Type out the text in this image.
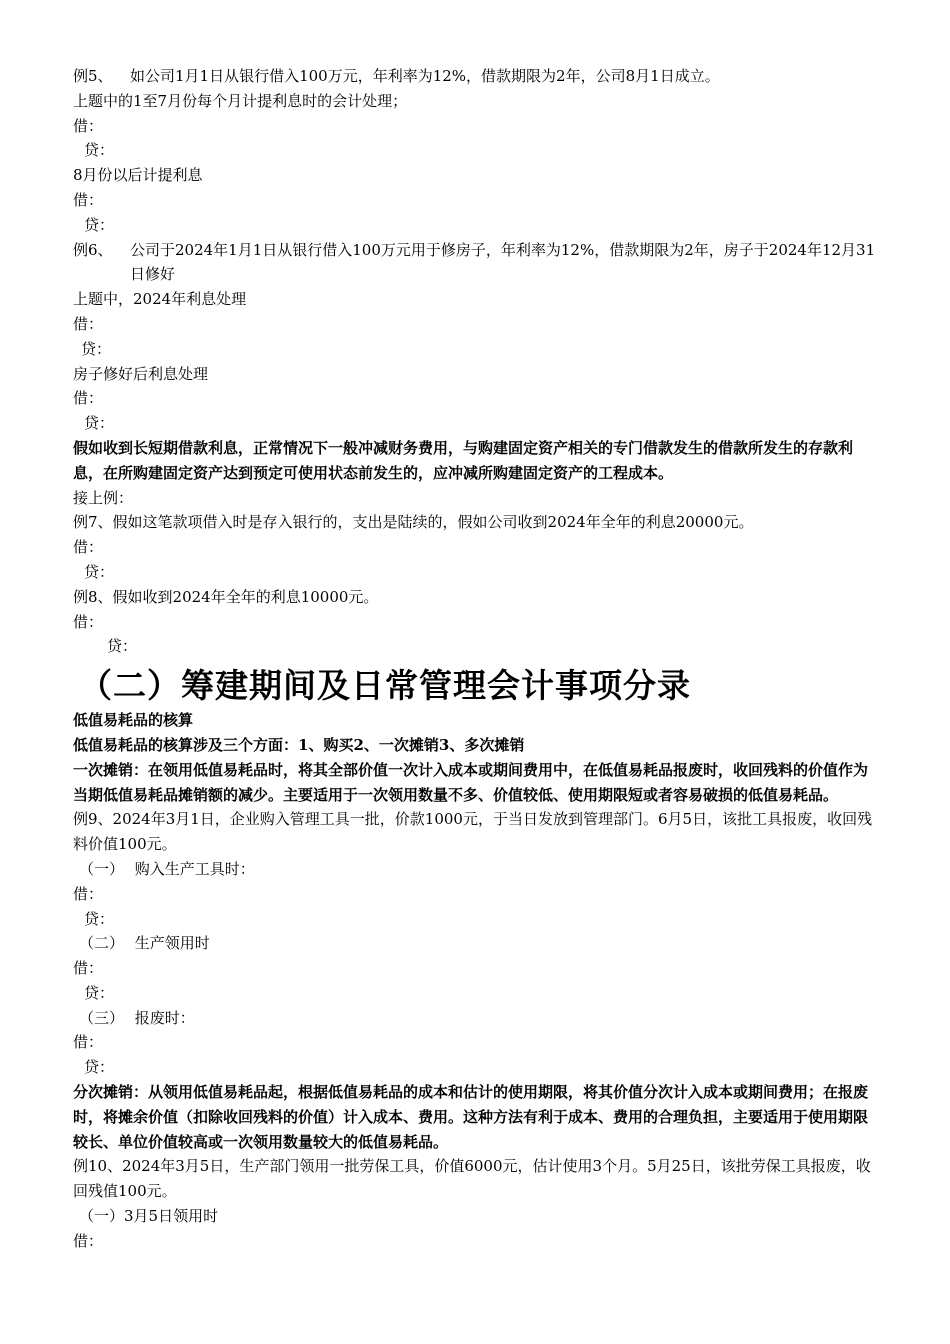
例5、	如公司1月1日从银行借入100万元，年利率为12%，借款期限为2年，公司8月1日成立。
上题中的1至7月份每个月计提利息时的会计处理；
借：
贷：
8月份以后计提利息
借：
贷：
例6、	公司于2024年1月1日从银行借入100万元用于修房子，年利率为12%，借款期限为2年，房子于2024年12月31日修好
上题中，2024年利息处理
借：
贷：
房子修好后利息处理
借：
贷：
假如收到长短期借款利息，正常情况下一般冲减财务费用，与购建固定资产相关的专门借款发生的借款所发生的存款利息，在所购建固定资产达到预定可使用状态前发生的，应冲减所购建固定资产的工程成本。
接上例：
例7、假如这笔款项借入时是存入银行的，支出是陆续的，假如公司收到2024年全年的利息20000元。
借：
贷：
例8、假如收到2024年全年的利息10000元。
借：
贷：
（二）筹建期间及日常管理会计事项分录
低值易耗品的核算
低值易耗品的核算涉及三个方面：1、购买2、一次摊销3、多次摊销
一次摊销：在领用低值易耗品时，将其全部价值一次计入成本或期间费用中，在低值易耗品报废时，收回残料的价值作为当期低值易耗品摊销额的减少。主要适用于一次领用数量不多、价值较低、使用期限短或者容易破损的低值易耗品。
例9、2024年3月1日，企业购入管理工具一批，价款1000元，于当日发放到管理部门。6月5日，该批工具报废，收回残料价值100元。
（一） 购入生产工具时：
借：
贷：
（二） 生产领用时
借：
贷：
（三） 报废时：
借：
贷：
分次摊销：从领用低值易耗品起，根据低值易耗品的成本和估计的使用期限，将其价值分次计入成本或期间费用；在报废时，将摊余价值（扣除收回残料的价值）计入成本、费用。这种方法有利于成本、费用的合理负担，主要适用于使用期限较长、单位价值较高或一次领用数量较大的低值易耗品。
例10、2024年3月5日，生产部门领用一批劳保工具，价值6000元，估计使用3个月。5月25日，该批劳保工具报废，收回残值100元。
（一）3月5日领用时
借：
